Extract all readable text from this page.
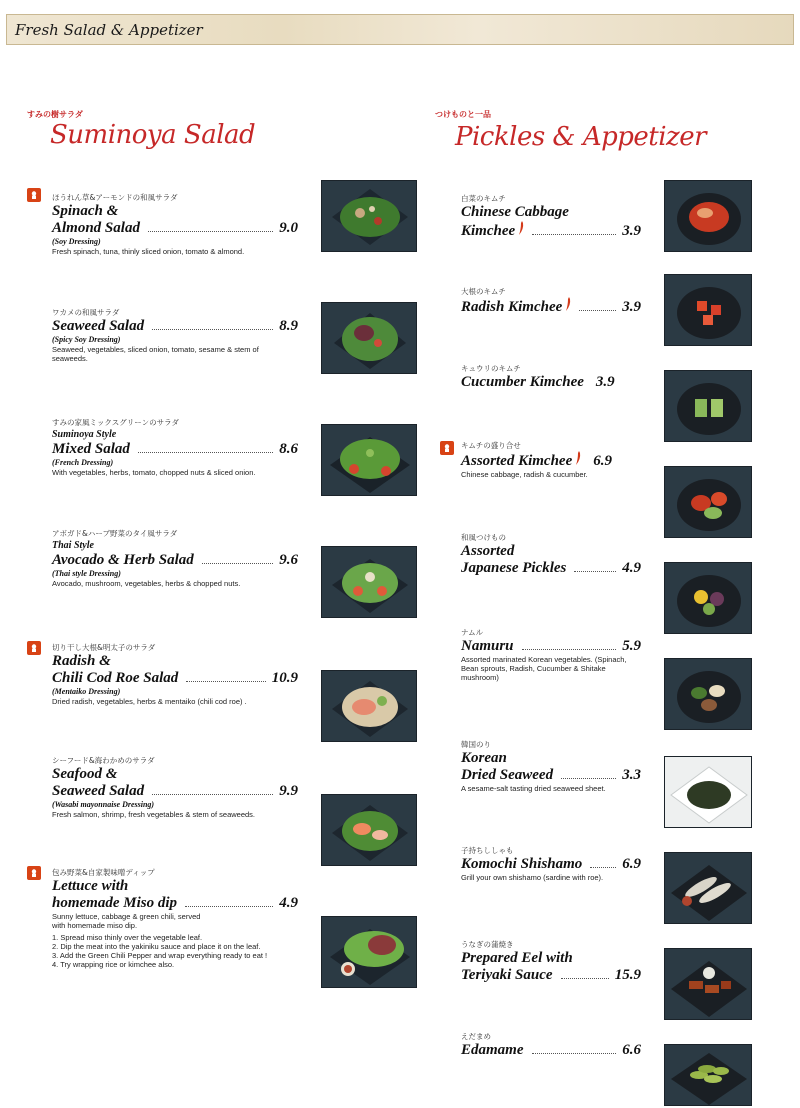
Fresh Salad & Appetizer
すみの樹サラダ
Suminoya Salad
ほうれん草&アーモンドの和風サラダ
Spinach &
Almond Salad	9.0
(Soy Dressing)
Fresh spinach, tuna, thinly sliced onion, tomato & almond.
ワカメの和風サラダ
Seaweed Salad	8.9
(Spicy Soy Dressing)
Seaweed, vegetables, sliced onion, tomato, sesame & stem of seaweeds.
すみの家風ミックスグリーンのサラダ
Suminoya Style
Mixed Salad	8.6
(French Dressing)
With vegetables, herbs, tomato, chopped nuts & sliced onion.
アボガド&ハーブ野菜のタイ風サラダ
Thai Style
Avocado & Herb Salad	9.6
(Thai style Dressing)
Avocado, mushroom, vegetables, herbs & chopped nuts.
切り干し大根&明太子のサラダ
Radish &
Chili Cod Roe Salad	10.9
(Mentaiko Dressing)
Dried radish, vegetables, herbs & mentaiko (chili cod roe) .
シーフード&海わかめのサラダ
Seafood &
Seaweed Salad	9.9
(Wasabi mayonnaise Dressing)
Fresh salmon, shrimp, fresh vegetables & stem of seaweeds.
包み野菜&自家製味噌ディップ
Lettuce with
homemade Miso dip	4.9
Sunny lettuce, cabbage & green chili, served with homemade miso dip.
1. Spread miso thinly over the vegetable leaf.
2. Dip the meat into the yakiniku sauce and place it on the leaf.
3. Add the Green Chili Pepper and wrap everything ready to eat !
4. Try wrapping rice or kimchee also.
つけものと一品
Pickles & Appetizer
白菜のキムチ
Chinese Cabbage
Kimchee	3.9
大根のキムチ
Radish Kimchee	3.9
キュウリのキムチ
Cucumber Kimchee 3.9
キムチの盛り合せ
Assorted Kimchee 6.9
Chinese cabbage, radish & cucumber.
和風つけもの
Assorted
Japanese Pickles	4.9
ナムル
Namuru	5.9
Assorted marinated Korean vegetables. (Spinach, Bean sprouts, Radish, Cucumber & Shitake mushroom)
韓国のり
Korean
Dried Seaweed	3.3
A sesame-salt tasting dried seaweed sheet.
子持ちししゃも
Komochi Shishamo	6.9
Grill your own shishamo (sardine with roe).
うなぎの蒲焼き
Prepared Eel with
Teriyaki Sauce	15.9
えだまめ
Edamame	6.6
